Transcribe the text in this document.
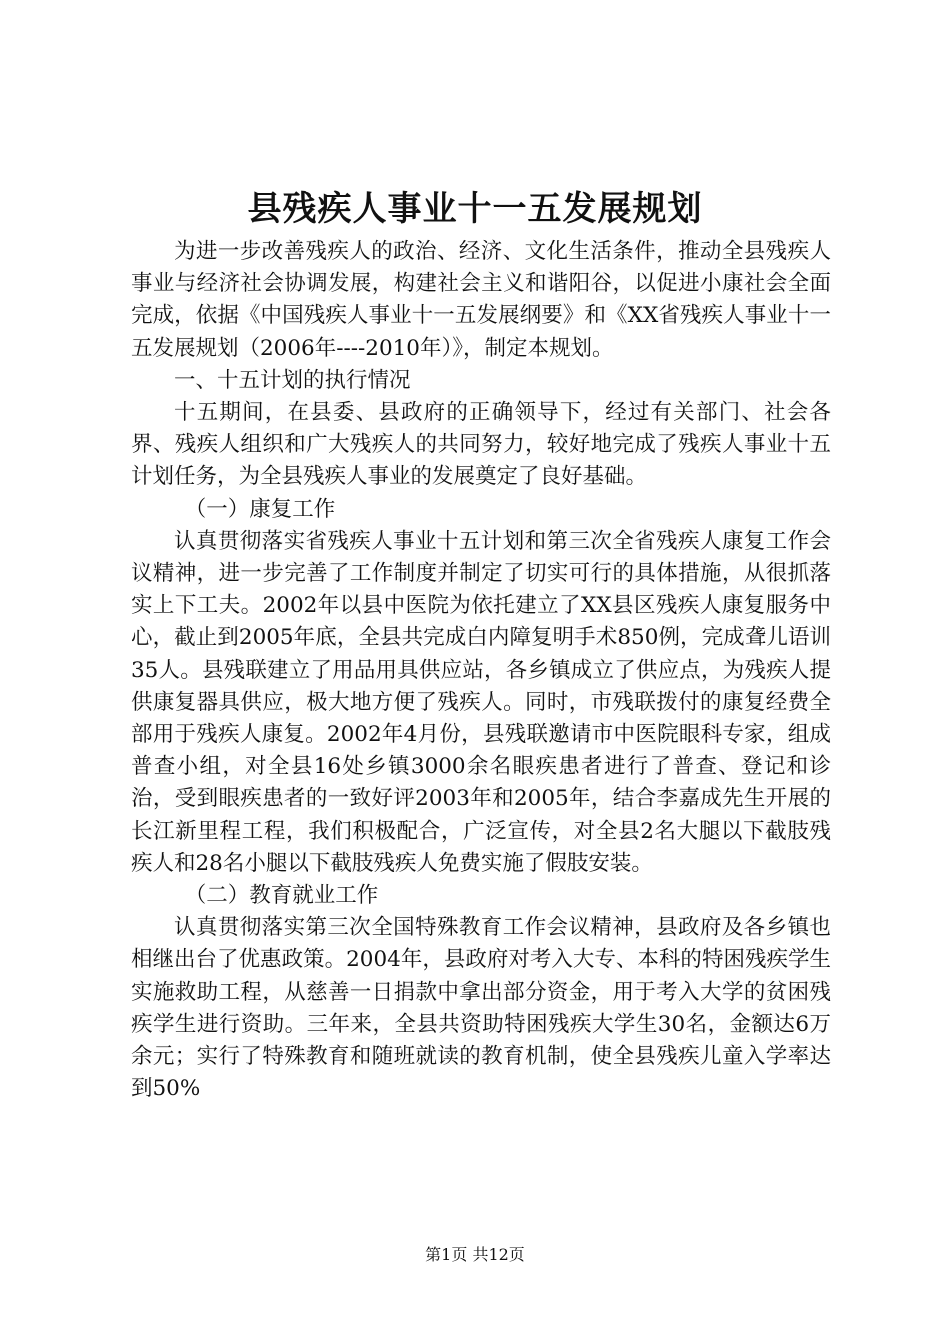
县残疾人事业十一五发展规划

为进一步改善残疾人的政治、经济、文化生活条件，推动全县残疾人事业与经济社会协调发展，构建社会主义和谐阳谷，以促进小康社会全面完成，依据《中国残疾人事业十一五发展纲要》和《XX省残疾人事业十一五发展规划（2006年----2010年）》，制定本规划。

一、十五计划的执行情况

十五期间，在县委、县政府的正确领导下，经过有关部门、社会各界、残疾人组织和广大残疾人的共同努力，较好地完成了残疾人事业十五计划任务，为全县残疾人事业的发展奠定了良好基础。

（一）康复工作

认真贯彻落实省残疾人事业十五计划和第三次全省残疾人康复工作会议精神，进一步完善了工作制度并制定了切实可行的具体措施，从很抓落实上下工夫。2002年以县中医院为依托建立了XX县区残疾人康复服务中心，截止到2005年底，全县共完成白内障复明手术850例，完成聋儿语训35人。县残联建立了用品用具供应站，各乡镇成立了供应点，为残疾人提供康复器具供应，极大地方便了残疾人。同时，市残联拨付的康复经费全部用于残疾人康复。2002年4月份，县残联邀请市中医院眼科专家，组成普查小组，对全县16处乡镇3000余名眼疾患者进行了普查、登记和诊治，受到眼疾患者的一致好评2003年和2005年，结合李嘉成先生开展的长江新里程工程，我们积极配合，广泛宣传，对全县2名大腿以下截肢残疾人和28名小腿以下截肢残疾人免费实施了假肢安装。

（二）教育就业工作

认真贯彻落实第三次全国特殊教育工作会议精神，县政府及各乡镇也相继出台了优惠政策。2004年，县政府对考入大专、本科的特困残疾学生实施救助工程，从慈善一日捐款中拿出部分资金，用于考入大学的贫困残疾学生进行资助。三年来，全县共资助特困残疾大学生30名，金额达6万余元；实行了特殊教育和随班就读的教育机制，使全县残疾儿童入学率达到50%

第1页 共12页
